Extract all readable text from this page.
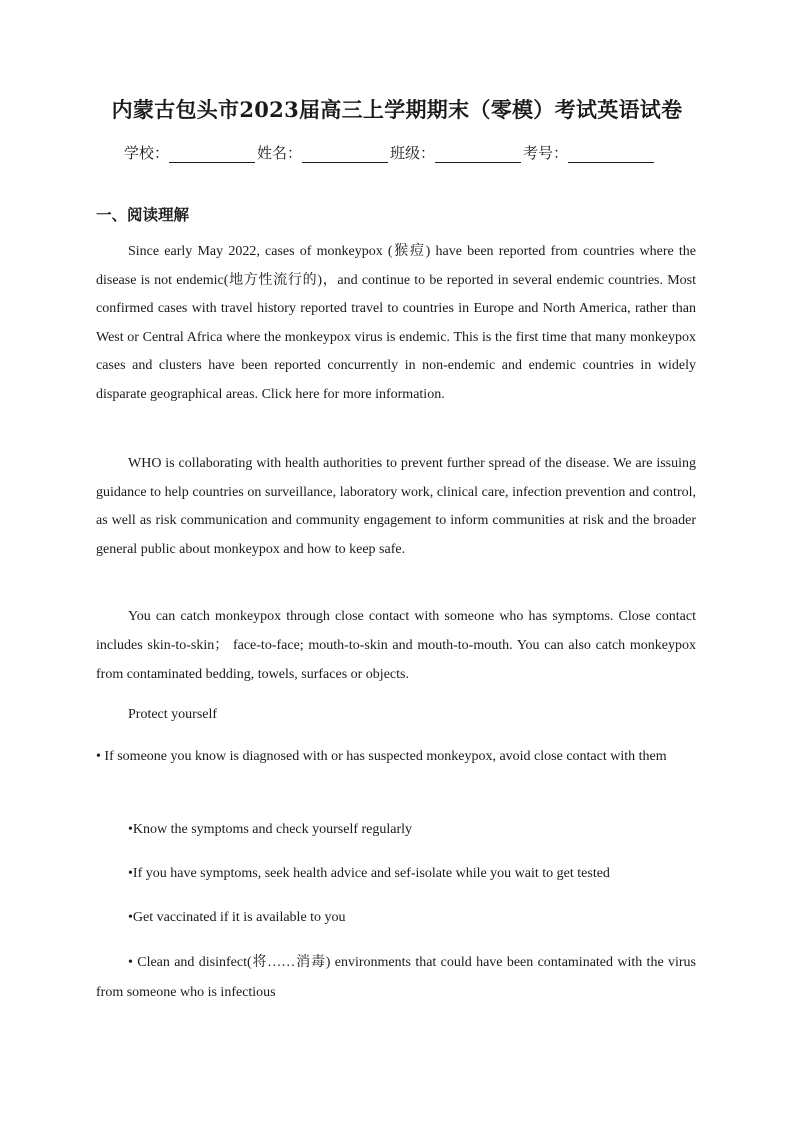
内蒙古包头市2023届高三上学期期末（零模）考试英语试卷
学校：	姓名：	班级：	考号：
一、阅读理解

Since early May 2022, cases of monkeypox (猴痘) have been reported from countries where the disease is not endemic(地方性流行的)，and continue to be reported in several endemic countries. Most confirmed cases with travel history reported travel to countries in Europe and North America, rather than West or Central Africa where the monkeypox virus is endemic. This is the first time that many monkeypox cases and clusters have been reported concurrently in non-endemic and endemic countries in widely disparate geographical areas. Click here for more information.

WHO is collaborating with health authorities to prevent further spread of the disease. We are issuing guidance to help countries on surveillance, laboratory work, clinical care, infection prevention and control, as well as risk communication and community engagement to inform communities at risk and the broader general public about monkeypox and how to keep safe.

You can catch monkeypox through close contact with someone who has symptoms. Close contact includes skin-to-skin； face-to-face; mouth-to-skin and mouth-to-mouth. You can also catch monkeypox from contaminated bedding, towels, surfaces or objects.

Protect yourself

• If someone you know is diagnosed with or has suspected monkeypox, avoid close contact with them

•Know the symptoms and check yourself regularly

•If you have symptoms, seek health advice and sef-isolate while you wait to get tested

•Get vaccinated if it is available to you

• Clean and disinfect(将……消毒) environments that could have been contaminated with the virus from someone who is infectious
